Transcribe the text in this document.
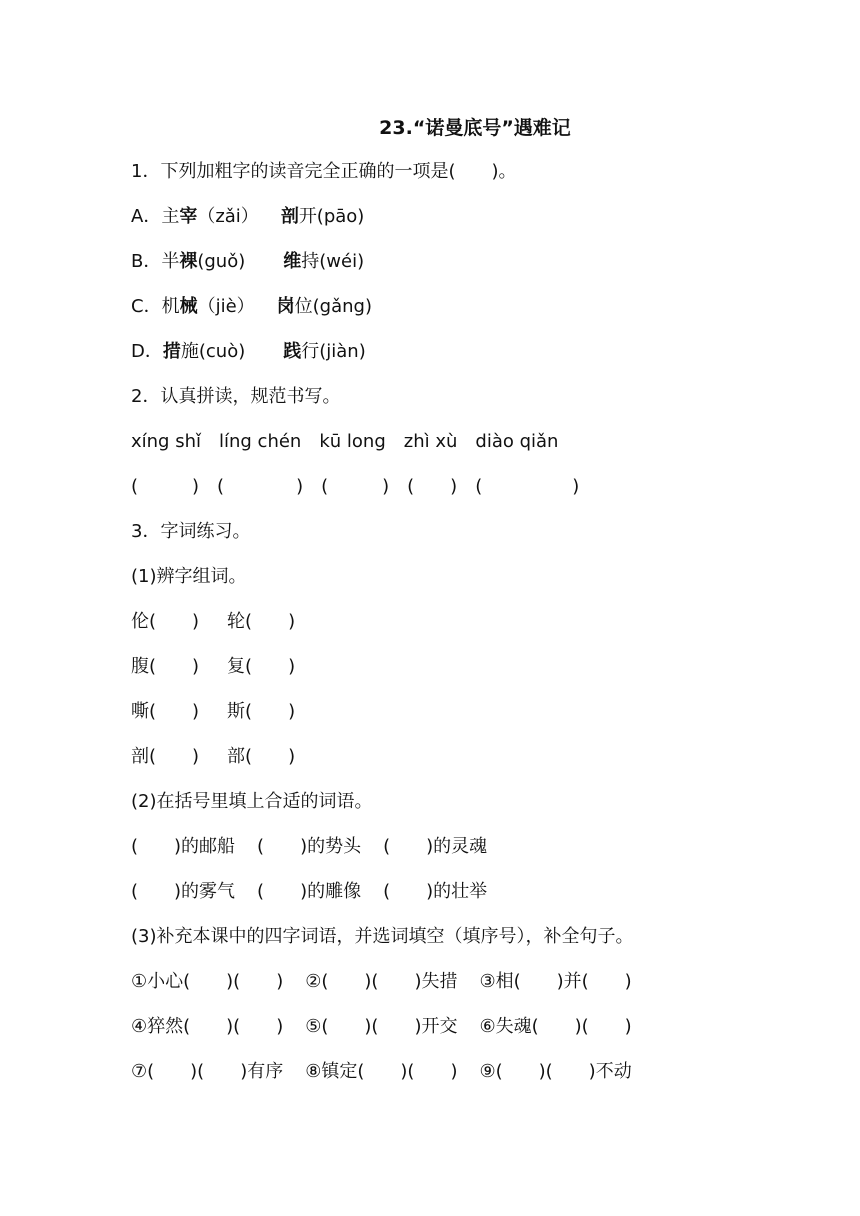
23.“诺曼底号”遇难记
1．下列加粗字的读音完全正确的一项是(　　)。
A．主宰（zǎi） 剖开(pāo)
B．半裸(guǒ) 维持(wéi)
C．机械（jiè） 岗位(gǎng)
D．措施(cuò) 践行(jiàn)
2．认真拼读，规范书写。
xíng shǐ líng chén kū long zhì xù diào qiǎn
(　　　) (　　　　) (　　　) (　　) (　　　　　)
3．字词练习。
(1)辨字组词。
伦(　　) 轮(　　)
腹(　　) 复(　　)
嘶(　　) 斯(　　)
剖(　　) 部(　　)
(2)在括号里填上合适的词语。
(　　)的邮船 (　　)的势头 (　　)的灵魂
(　　)的雾气 (　　)的雕像 (　　)的壮举
(3)补充本课中的四字词语，并选词填空（填序号），补全句子。
①小心(　　)(　　) ②(　　)(　　)失措 ③相(　　)并(　　)
④猝然(　　)(　　) ⑤(　　)(　　)开交 ⑥失魂(　　)(　　)
⑦(　　)(　　)有序 ⑧镇定(　　)(　　) ⑨(　　)(　　)不动
